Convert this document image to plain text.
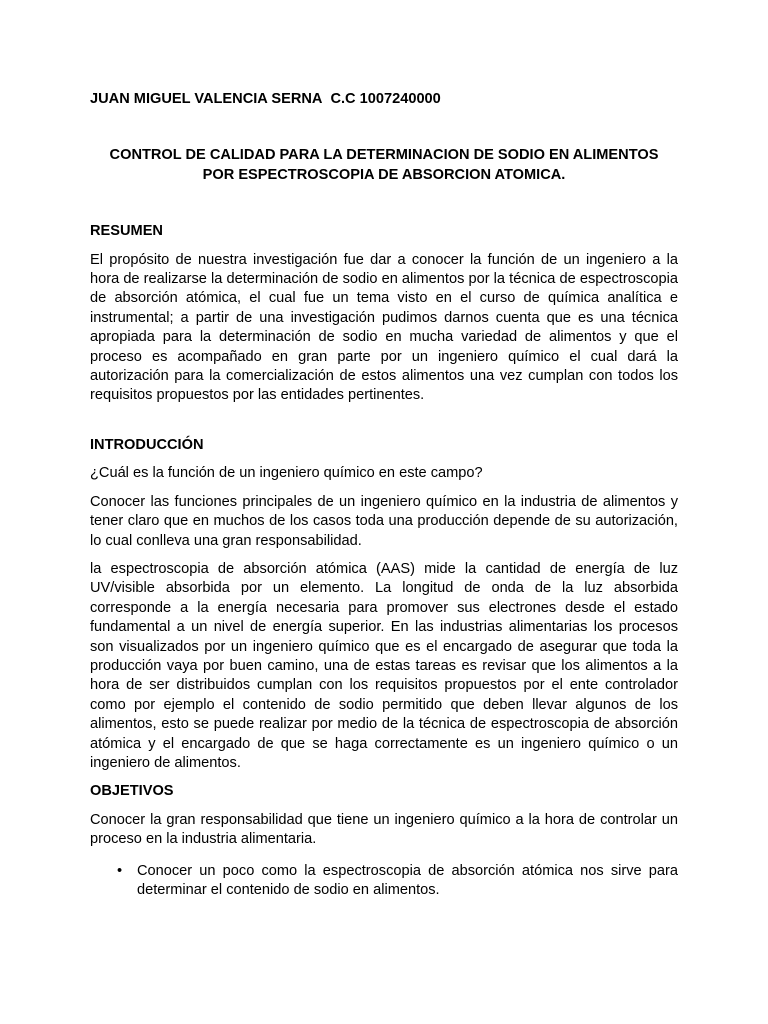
JUAN MIGUEL VALENCIA SERNA C.C 1007240000
CONTROL DE CALIDAD PARA LA DETERMINACION DE SODIO EN ALIMENTOS
POR ESPECTROSCOPIA DE ABSORCION ATOMICA.
RESUMEN

El propósito de nuestra investigación fue dar a conocer la función de un ingeniero a la hora de realizarse la determinación de sodio en alimentos por la técnica de espectroscopia de absorción atómica, el cual fue un tema visto en el curso de química analítica e instrumental; a partir de una investigación pudimos darnos cuenta que es una técnica apropiada para la determinación de sodio en mucha variedad de alimentos y que el proceso es acompañado en gran parte por un ingeniero químico el cual dará la autorización para la comercialización de estos alimentos una vez cumplan con todos los requisitos propuestos por las entidades pertinentes.

INTRODUCCIÓN

¿Cuál es la función de un ingeniero químico en este campo?

Conocer las funciones principales de un ingeniero químico en la industria de alimentos y tener claro que en muchos de los casos toda una producción depende de su autorización, lo cual conlleva una gran responsabilidad.

la espectroscopia de absorción atómica (AAS) mide la cantidad de energía de luz UV/visible absorbida por un elemento. La longitud de onda de la luz absorbida corresponde a la energía necesaria para promover sus electrones desde el estado fundamental a un nivel de energía superior. En las industrias alimentarias los procesos son visualizados por un ingeniero químico que es el encargado de asegurar que toda la producción vaya por buen camino, una de estas tareas es revisar que los alimentos a la hora de ser distribuidos cumplan con los requisitos propuestos por el ente controlador como por ejemplo el contenido de sodio permitido que deben llevar algunos de los alimentos, esto se puede realizar por medio de la técnica de espectroscopia de absorción atómica y el encargado de que se haga correctamente es un ingeniero químico o un ingeniero de alimentos.

OBJETIVOS

Conocer la gran responsabilidad que tiene un ingeniero químico a la hora de controlar un proceso en la industria alimentaria.

• Conocer un poco como la espectroscopia de absorción atómica nos sirve para determinar el contenido de sodio en alimentos.
